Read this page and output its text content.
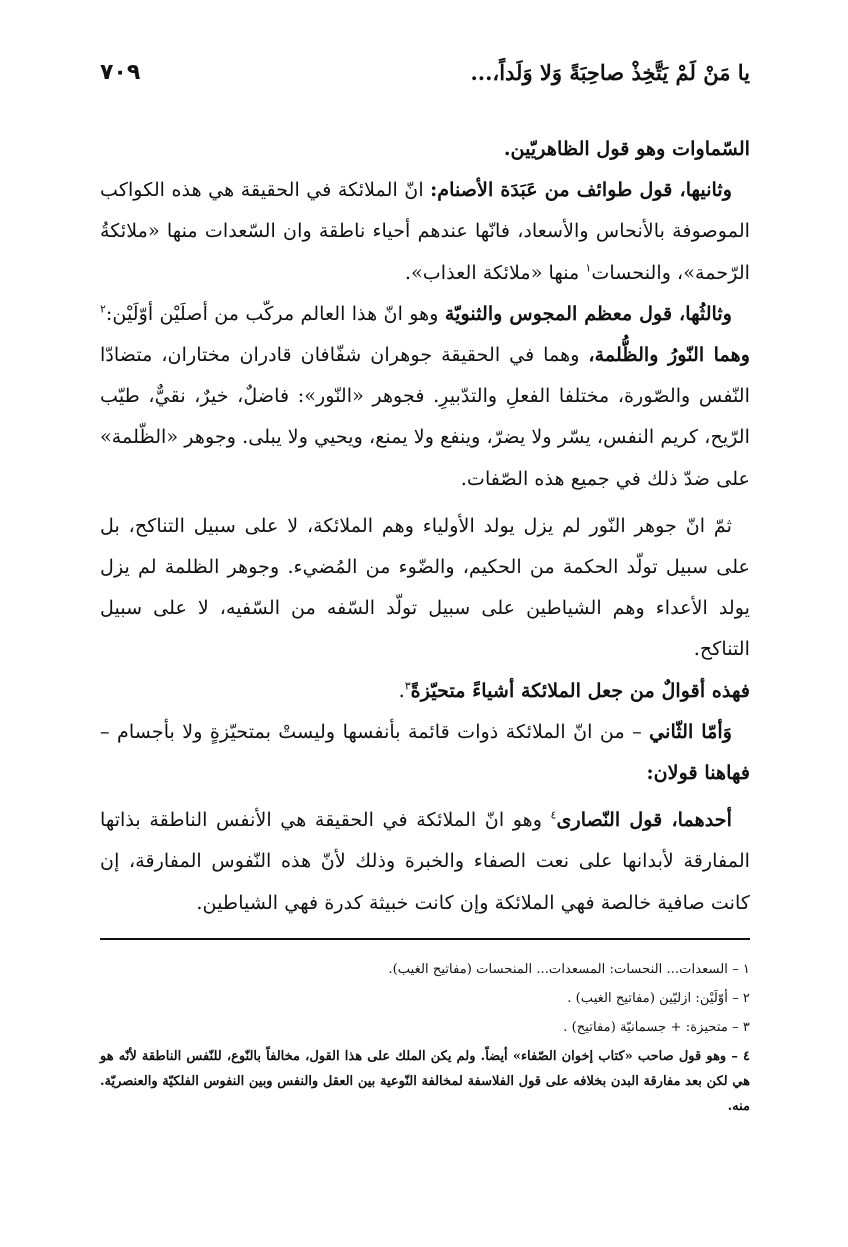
يا مَنْ لَمْ يَتَّخِذْ صاحِبَةً وَلا وَلَداً،...
٧٠٩

السّماوات وهو قول الظاهريّين.

وثانيها، قول طوائف من عَبَدَة الأصنام: انّ الملائكة في الحقيقة هي هذه الكواكب الموصوفة بالأنحاس والأسعاد، فانّها عندهم أحياء ناطقة وان السّعدات منها «ملائكةُ الرّحمة»، والنحسات$^١$ منها «ملائكة العذاب».

وثالثُها، قول معظم المجوس والثنويّة وهو انّ هذا العالم مركّب من أصلَيْن أوّلَيْن:$^٢$ وهما النّورُ والظُّلمة، وهما في الحقيقة جوهران شفّافان قادران مختاران، متضادّا النّفس والصّورة، مختلفا الفعلِ والتدّبيرِ. فجوهر «النّور»: فاضلٌ، خيرٌ، نقيٌّ، طيّب الرّيح، كريم النفس، يسّر ولا يضرّ، وينفع ولا يمنع، ويحيي ولا يبلى. وجوهر «الظّلمة» على ضدّ ذلك في جميع هذه الصّفات.

ثمّ انّ جوهر النّور لم يزل يولد الأولياء وهم الملائكة، لا على سبيل التناكح، بل على سبيل تولّد الحكمة من الحكيم، والضّوء من المُضيء. وجوهر الظلمة لم يزل يولد الأعداء وهم الشياطين على سبيل تولّد السّفه من السّفيه، لا على سبيل التناكح.

فهذه أقوالٌ من جعل الملائكة أشياءً متحيّزةً$^٣$.

وَأمّا الثّاني – من انّ الملائكة ذوات قائمة بأنفسها وليستْ بمتحيّزةٍ ولا بأجسام – فهاهنا قولان:

أحدهما، قول النّصارى$^٤$ وهو انّ الملائكة في الحقيقة هي الأنفس الناطقة بذاتها المفارقة لأبدانها على نعت الصفاء والخبرة وذلك لأنّ هذه النّفوس المفارقة، إن كانت صافية خالصة فهي الملائكة وإن كانت خبيثة كدرة فهي الشياطين.

١ – السعدات... النحسات: المسعدات... المنحسات (مفاتيح الغيب).

٢ – أوّلَيْن: ازليّين (مفاتيح الغيب) .

٣ – متحيزة: + جسمانيّة (مفاتيح) .

٤ – وهو قول صاحب «كتاب إخوان الصّفاء» أيضاً. ولم يكن الملك على هذا القول، مخالفاً بالنّوع، للنّفس الناطقة لأنّه هو هي لكن بعد مفارقة البدن بخلافه على قول الفلاسفة لمخالفة النّوعية بين العقل والنفس وبين النفوس الفلكيّة والعنصريّة. منه.
